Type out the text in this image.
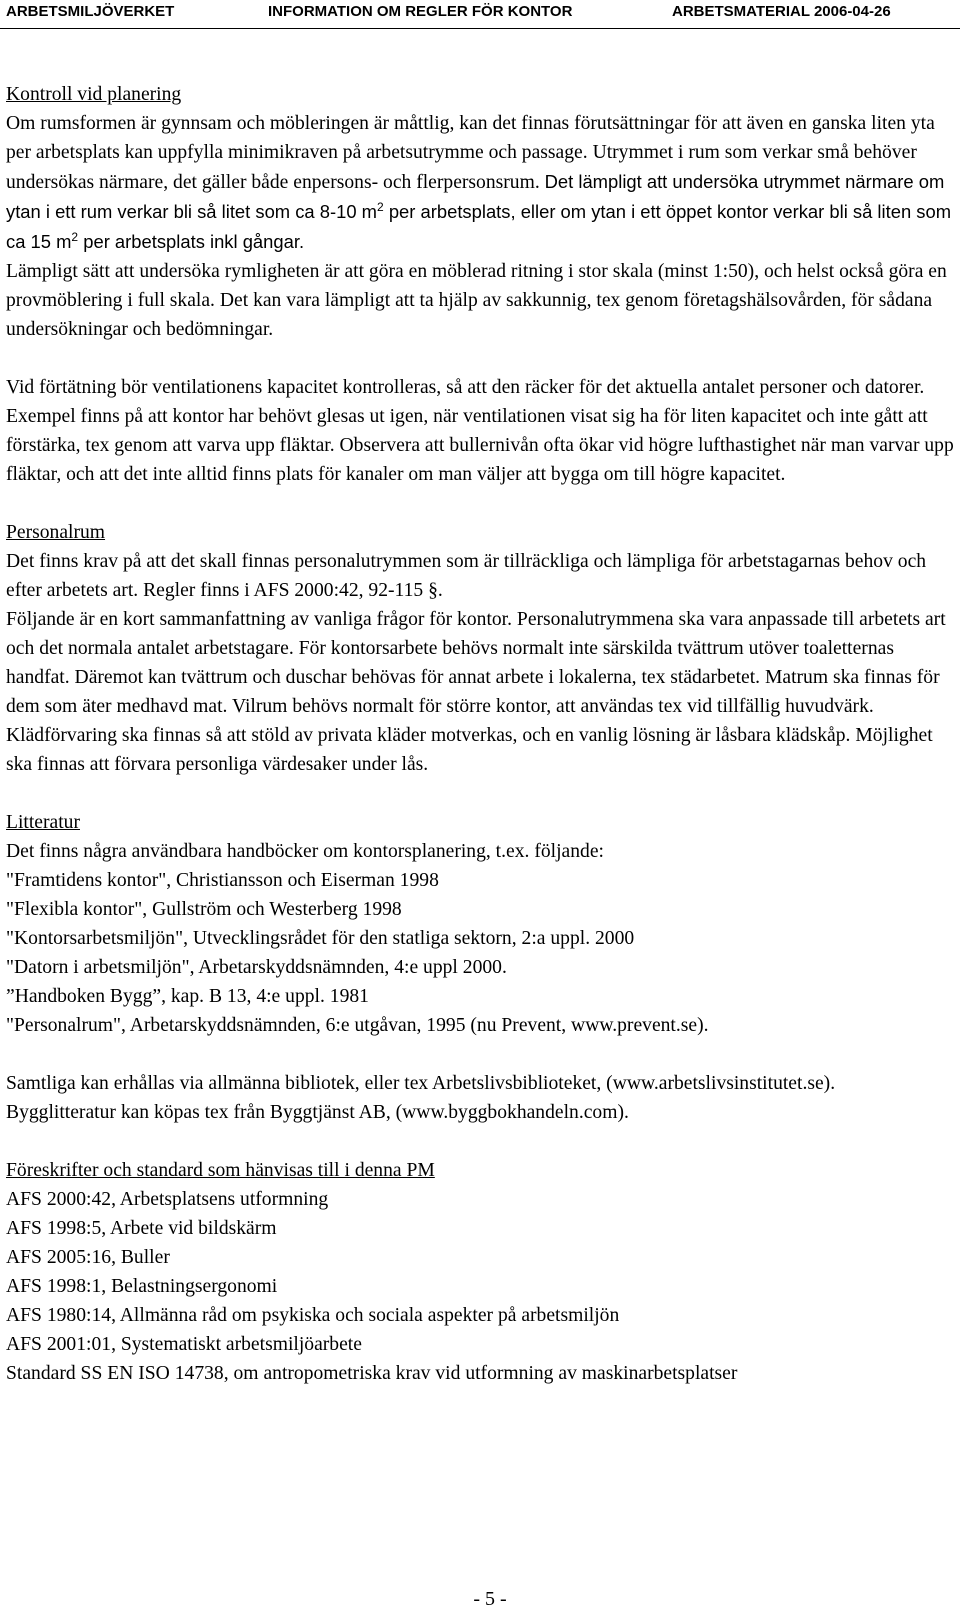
ARBETSMILJÖVERKET	INFORMATION OM REGLER FÖR KONTOR	ARBETSMATERIAL 2006-04-26

Kontroll vid planering

Om rumsformen är gynnsam och möbleringen är måttlig, kan det finnas förutsättningar för att även en ganska liten yta per arbetsplats kan uppfylla minimikraven på arbetsutrymme och passage. Utrymmet i rum som verkar små behöver undersökas närmare, det gäller både enpersons- och flerpersonsrum. Det lämpligt att undersöka utrymmet närmare om ytan i ett rum verkar bli så litet som ca 8-10 $m^2$ per arbetsplats, eller om ytan i ett öppet kontor verkar bli så liten som ca 15 $m^2$ per arbetsplats inkl gångar.

Lämpligt sätt att undersöka rymligheten är att göra en möblerad ritning i stor skala (minst 1:50), och helst också göra en provmöblering i full skala. Det kan vara lämpligt att ta hjälp av sakkunnig, tex genom företagshälsovården, för sådana undersökningar och bedömningar.

Vid förtätning bör ventilationens kapacitet kontrolleras, så att den räcker för det aktuella antalet personer och datorer. Exempel finns på att kontor har behövt glesas ut igen, när ventilationen visat sig ha för liten kapacitet och inte gått att förstärka, tex genom att varva upp fläktar. Observera att bullernivån ofta ökar vid högre lufthastighet när man varvar upp fläktar, och att det inte alltid finns plats för kanaler om man väljer att bygga om till högre kapacitet.

Personalrum

Det finns krav på att det skall finnas personalutrymmen som är tillräckliga och lämpliga för arbetstagarnas behov och efter arbetets art. Regler finns i AFS 2000:42, 92-115 §.

Följande är en kort sammanfattning av vanliga frågor för kontor. Personalutrymmena ska vara anpassade till arbetets art och det normala antalet arbetstagare. För kontorsarbete behövs normalt inte särskilda tvättrum utöver toaletternas handfat. Däremot kan tvättrum och duschar behövas för annat arbete i lokalerna, tex städarbetet. Matrum ska finnas för dem som äter medhavd mat. Vilrum behövs normalt för större kontor, att användas tex vid tillfällig huvudvärk. Klädförvaring ska finnas så att stöld av privata kläder motverkas, och en vanlig lösning är låsbara klädskåp. Möjlighet ska finnas att förvara personliga värdesaker under lås.

Litteratur

Det finns några användbara handböcker om kontorsplanering, t.ex. följande:

"Framtidens kontor", Christiansson och Eiserman 1998

"Flexibla kontor", Gullström och Westerberg 1998

"Kontorsarbetsmiljön", Utvecklingsrådet för den statliga sektorn, 2:a uppl. 2000

"Datorn i arbetsmiljön", Arbetarskyddsnämnden, 4:e uppl 2000.

”Handboken Bygg”, kap. B 13, 4:e uppl. 1981

"Personalrum", Arbetarskyddsnämnden, 6:e utgåvan, 1995 (nu Prevent, www.prevent.se).

Samtliga kan erhållas via allmänna bibliotek, eller tex Arbetslivsbiblioteket, (www.arbetslivsinstitutet.se).

Bygglitteratur kan köpas tex från Byggtjänst AB, (www.byggbokhandeln.com).

Föreskrifter och standard som hänvisas till i denna PM

AFS 2000:42, Arbetsplatsens utformning

AFS 1998:5, Arbete vid bildskärm

AFS 2005:16, Buller

AFS 1998:1, Belastningsergonomi

AFS 1980:14, Allmänna råd om psykiska och sociala aspekter på arbetsmiljön

AFS 2001:01, Systematiskt arbetsmiljöarbete

Standard SS EN ISO 14738, om antropometriska krav vid utformning av maskinarbetsplatser

- 5 -
